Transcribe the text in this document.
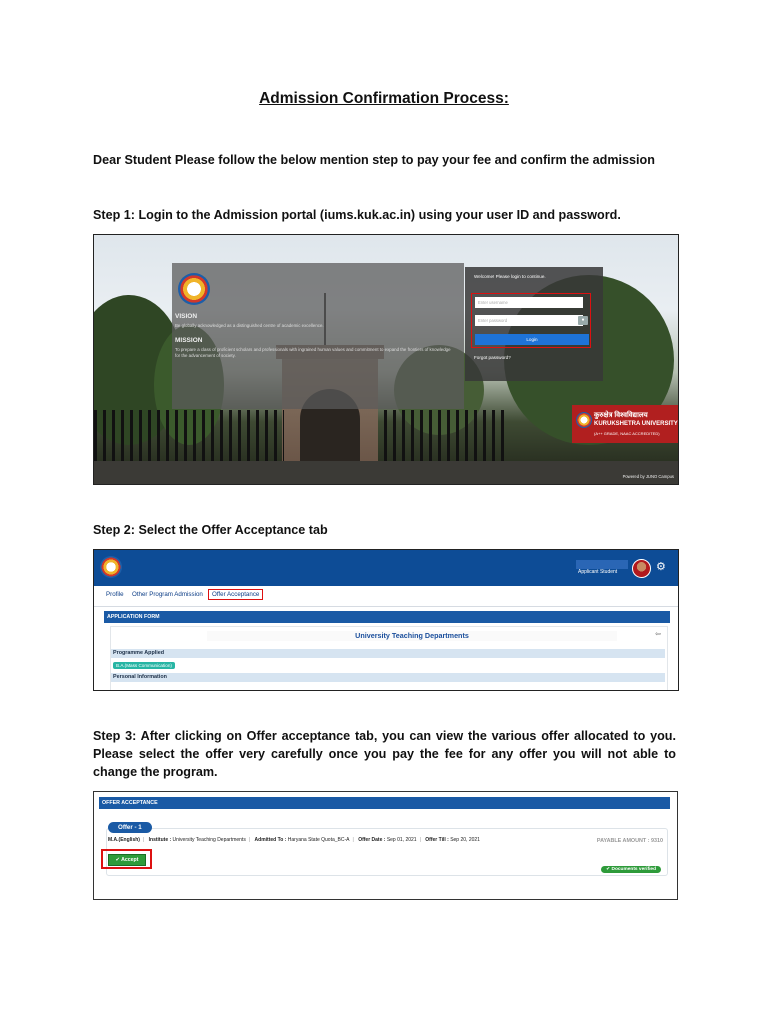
Admission Confirmation Process:
Dear Student Please follow the below mention step to pay your fee and confirm the admission
Step 1: Login to the Admission portal (iums.kuk.ac.in) using your user ID and password.
VISION
Be globally acknowledged as a distinguished centre of academic excellence.
MISSION
To prepare a class of proficient scholars and professionals with ingrained human values and commitment to expand the frontiers of knowledge for the advancement of society.
Welcome! Please login to continue.
Enter username
Enter password	●
Login
Forgot password?
कुरुक्षेत्र विश्वविद्यालय
KURUKSHETRA UNIVERSITY
(A++ GRADE, NAAC ACCREDITED)
Powered by JUNO Campus
Step 2: Select the Offer Acceptance tab
Applicant Student	⚙
Profile Other Program Admission	Offer Acceptance
APPLICATION FORM
University Teaching Departments	⇦
Programme Applied
B.A.(Mass Communication)
Personal Information
Step 3: After clicking on Offer acceptance tab, you can view the various offer allocated to you. Please select the offer very carefully once you pay the fee for any offer you will not able to change the program.
OFFER ACCEPTANCE
Offer - 1
M.A.(English) | Institute : University Teaching Departments | Admitted To : Haryana State Quota_BC-A | Offer Date : Sep 01, 2021 | Offer Till : Sep 20, 2021	PAYABLE AMOUNT : 9310
✔ Accept
✔ Documents verified
